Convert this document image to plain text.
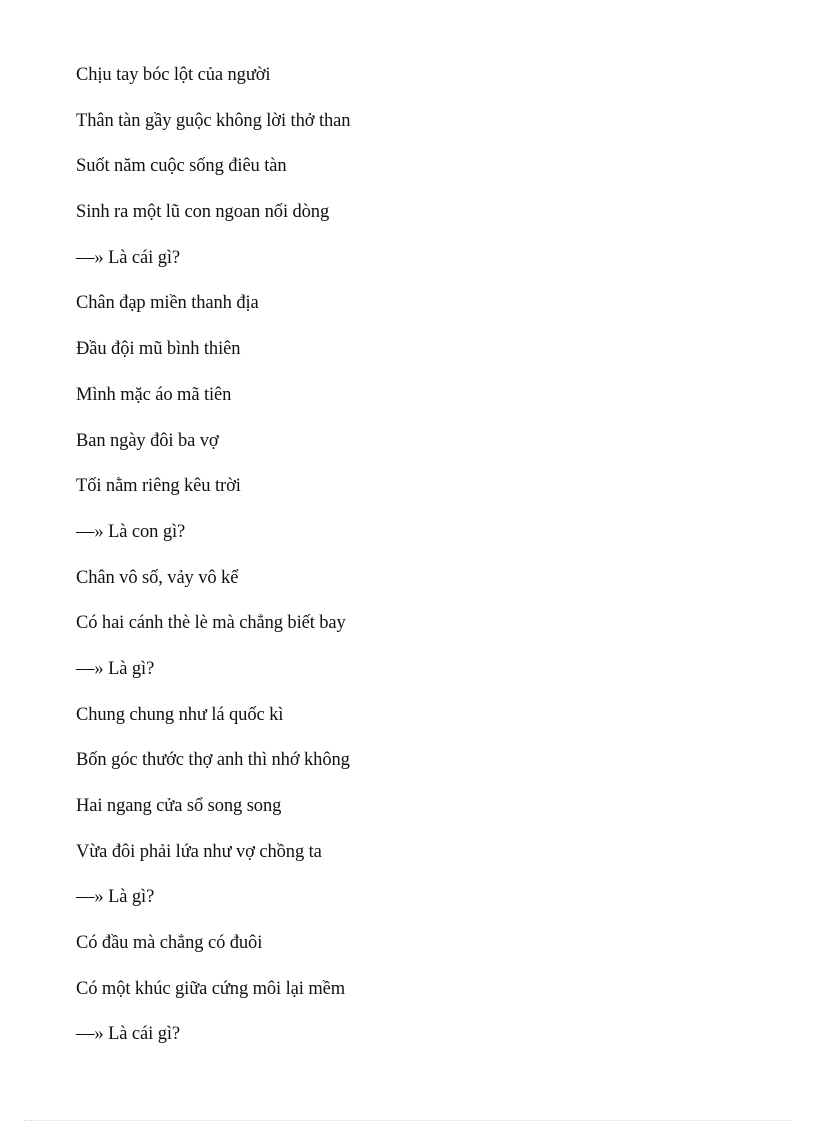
Chịu tay bóc lột của người
Thân tàn gầy guộc không lời thở than
Suốt năm cuộc sống điêu tàn
Sinh ra một lũ con ngoan nối dòng
—» Là cái gì?
Chân đạp miền thanh địa
Đầu đội mũ bình thiên
Mình mặc áo mã tiên
Ban ngày đôi ba vợ
Tối nằm riêng kêu trời
—» Là con gì?
Chân vô số, vảy vô kể
Có hai cánh thè lè mà chẳng biết bay
—» Là gì?
Chung chung như lá quốc kì
Bốn góc thước thợ anh thì nhớ không
Hai ngang cửa sổ song song
Vừa đôi phải lứa như vợ chồng ta
—» Là gì?
Có đầu mà chẳng có đuôi
Có một khúc giữa cứng môi lại mềm
—» Là cái gì?
